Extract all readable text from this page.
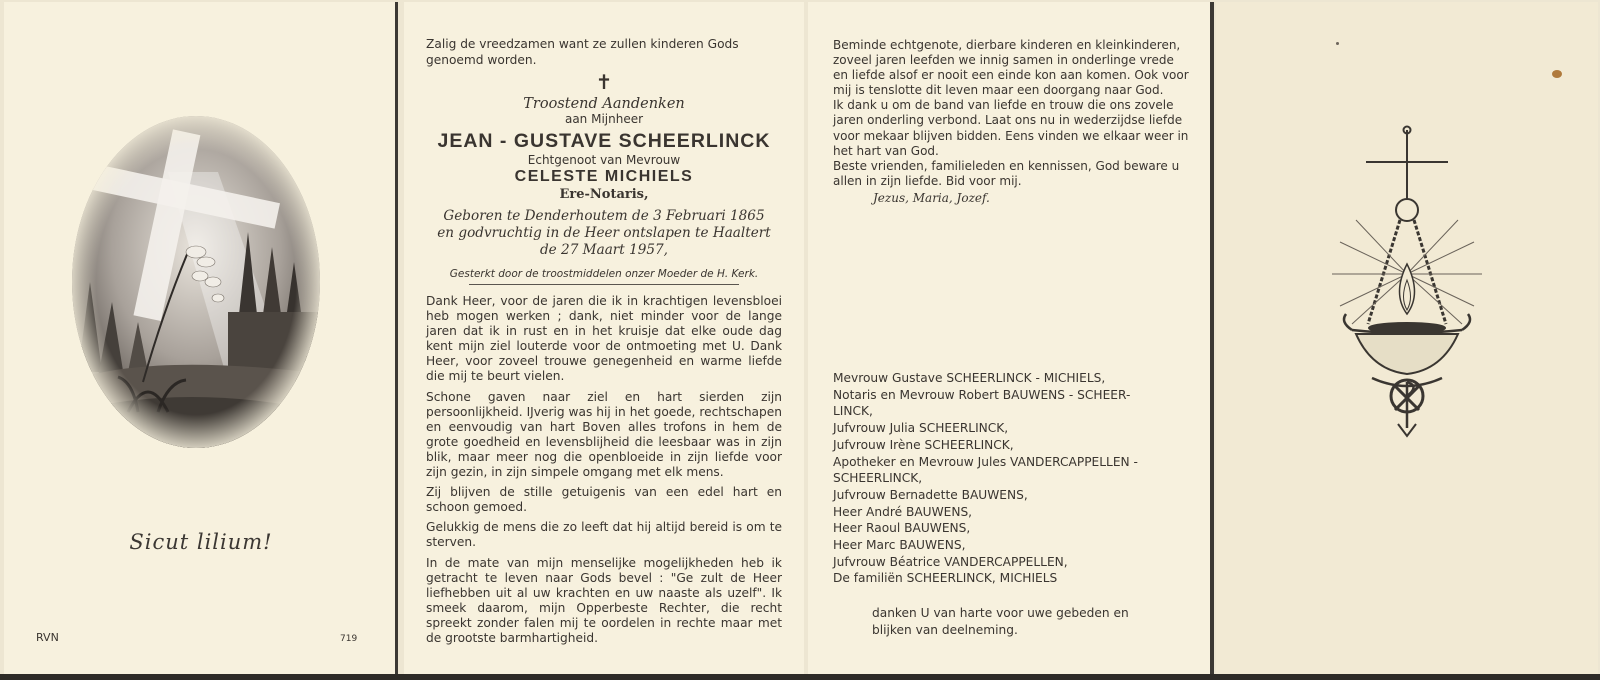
Sicut lilium!
RVN	719
Zalig de vreedzamen want ze zullen kinderen Gods genoemd worden.
✝
Troostend Aandenken
aan Mijnheer
JEAN - GUSTAVE SCHEERLINCK
Echtgenoot van Mevrouw
CELESTE MICHIELS
Ere-Notaris,
Geboren te Denderhoutem de 3 Februari 1865
en godvruchtig in de Heer ontslapen te Haaltert
de 27 Maart 1957,
Gesterkt door de troostmiddelen onzer Moeder de H. Kerk.

Dank Heer, voor de jaren die ik in krachtigen levensbloei heb mogen werken ; dank, niet minder voor de lange jaren dat ik in rust en in het kruisje dat elke oude dag kent mijn ziel louterde voor de ontmoeting met U. Dank Heer, voor zoveel trouwe genegenheid en warme liefde die mij te beurt vielen.

Schone gaven naar ziel en hart sierden zijn persoonlijkheid. IJverig was hij in het goede, rechtschapen en eenvoudig van hart Boven alles trofons in hem de grote goedheid en levensblijheid die leesbaar was in zijn blik, maar meer nog die openbloeide in zijn liefde voor zijn gezin, in zijn simpele omgang met elk mens.

Zij blijven de stille getuigenis van een edel hart en schoon gemoed.

Gelukkig de mens die zo leeft dat hij altijd bereid is om te sterven.

In de mate van mijn menselijke mogelijkheden heb ik getracht te leven naar Gods bevel : "Ge zult de Heer liefhebben uit al uw krachten en uw naaste als uzelf". Ik smeek daarom, mijn Opperbeste Rechter, die recht spreekt zonder falen mij te oordelen in rechte maar met de grootste barmhartigheid.

Beminde echtgenote, dierbare kinderen en kleinkinderen, zoveel jaren leefden we innig samen in onderlinge vrede en liefde alsof er nooit een einde kon aan komen. Ook voor mij is tenslotte dit leven maar een doorgang naar God.

Ik dank u om de band van liefde en trouw die ons zovele jaren onderling verbond. Laat ons nu in wederzijdse liefde voor mekaar blijven bidden. Eens vinden we elkaar weer in het hart van God.

Beste vrienden, familieleden en kennissen, God beware u allen in zijn liefde. Bid voor mij.

Jezus, Maria, Jozef.
Mevrouw Gustave SCHEERLINCK - MICHIELS,
Notaris en Mevrouw Robert BAUWENS - SCHEER-
LINCK,
Jufvrouw Julia SCHEERLINCK,
Jufvrouw Irène SCHEERLINCK,
Apotheker en Mevrouw Jules VANDERCAPPELLEN -
SCHEERLINCK,
Jufvrouw Bernadette BAUWENS,
Heer André BAUWENS,
Heer Raoul BAUWENS,
Heer Marc BAUWENS,
Jufvrouw Béatrice VANDERCAPPELLEN,
De familiën SCHEERLINCK, MICHIELS
danken U van harte voor uwe gebeden en
blijken van deelneming.
